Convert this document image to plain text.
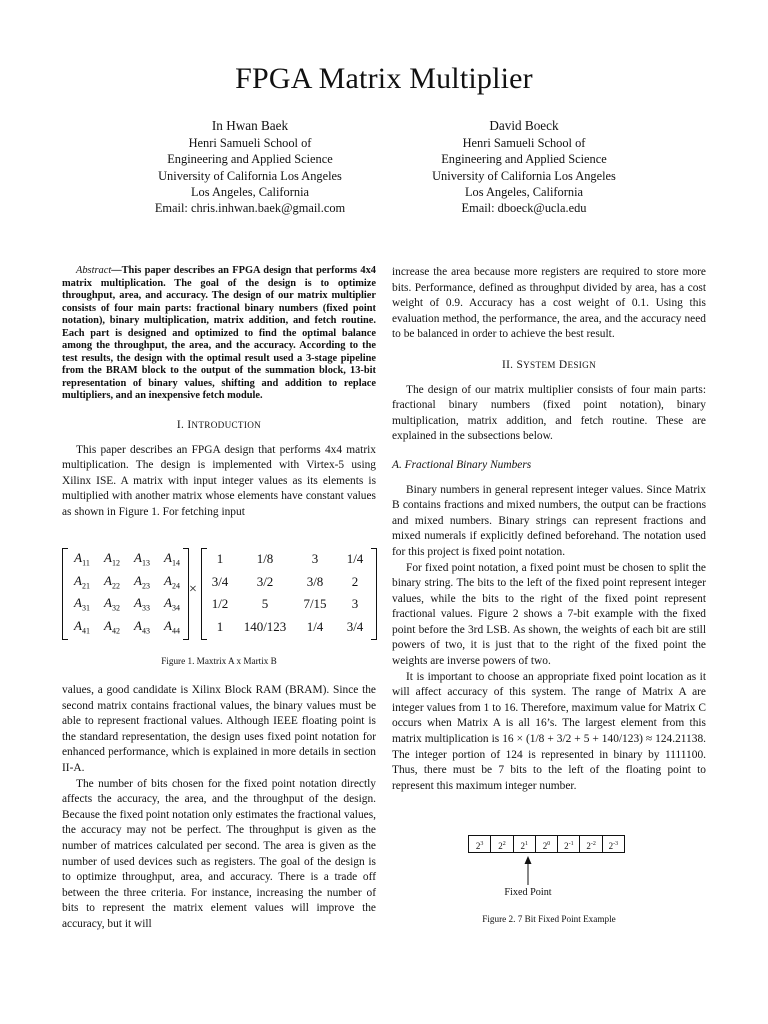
FPGA Matrix Multiplier
In Hwan Baek
Henri Samueli School of
Engineering and Applied Science
University of California Los Angeles
Los Angeles, California
Email: chris.inhwan.baek@gmail.com
David Boeck
Henri Samueli School of
Engineering and Applied Science
University of California Los Angeles
Los Angeles, California
Email: dboeck@ucla.edu
Abstract—This paper describes an FPGA design that performs 4x4 matrix multiplication. The goal of the design is to optimize throughput, area, and accuracy. The design of our matrix multiplier consists of four main parts: fractional binary numbers (fixed point notation), binary multiplication, matrix addition, and fetch routine. Each part is designed and optimized to find the optimal balance among the throughput, the area, and the accuracy. According to the test results, the design with the optimal result used a 3-stage pipeline from the BRAM block to the output of the summation block, 13-bit representation of binary values, shifting and addition to replace multipliers, and an inexpensive fetch module.
I. INTRODUCTION

This paper describes an FPGA design that performs 4x4 matrix multiplication. The design is implemented with Virtex-5 using Xilinx ISE. A matrix with input integer values as its elements is multiplied with another matrix whose elements have constant values as shown in Figure 1. For fetching input

$A_{11}$	$A_{12}$	$A_{13}$	$A_{14}$
$A_{21}$	$A_{22}$	$A_{23}$	$A_{24}$
$A_{31}$	$A_{32}$	$A_{33}$	$A_{34}$
$A_{41}$	$A_{42}$	$A_{43}$	$A_{44}$
×
1	1/8	3	1/4
3/4	3/2	3/8	2
1/2	5	7/15	3
1	140/123	1/4	3/4
Figure 1. Maxtrix A x Martix B

values, a good candidate is Xilinx Block RAM (BRAM). Since the second matrix contains fractional values, the binary values must be able to represent fractional values. Although IEEE floating point is the standard representation, the design uses fixed point notation for enhanced performance, which is explained in more details in section II-A.

The number of bits chosen for the fixed point notation directly affects the accuracy, the area, and the throughput of the design. Because the fixed point notation only estimates the fractional values, the accuracy may not be perfect. The throughput is given as the number of matrices calculated per second. The area is given as the number of used devices such as registers. The goal of the design is to optimize throughput, area, and accuracy. There is a trade off between the three criteria. For instance, increasing the number of bits to represent the matrix element values will improve the accuracy, but it will

increase the area because more registers are required to store more bits. Performance, defined as throughput divided by area, has a cost weight of 0.9. Accuracy has a cost weight of 0.1. Using this evaluation method, the performance, the area, and the accuracy need to be balanced in order to achieve the best result.

II. SYSTEM DESIGN

The design of our matrix multiplier consists of four main parts: fractional binary numbers (fixed point notation), binary multiplication, matrix addition, and fetch routine. These are explained in the subsections below.

A. Fractional Binary Numbers

Binary numbers in general represent integer values. Since Matrix B contains fractions and mixed numbers, the output can be fractions and mixed numbers. Binary strings can represent fractions and mixed numerals if explicitly defined beforehand. The notation used for this project is fixed point notation.

For fixed point notation, a fixed point must be chosen to split the binary string. The bits to the left of the fixed point represent integer values, while the bits to the right of the fixed point represent fractional values. Figure 2 shows a 7-bit example with the fixed point before the 3rd LSB. As shown, the weights of each bit are still powers of two, it is just that to the right of the fixed point the weights are inverse powers of two.

It is important to choose an appropriate fixed point location as it will affect accuracy of this system. The range of Matrix A are integer values from 1 to 16. Therefore, maximum value for Matrix C occurs when Matrix A is all 16’s. The largest element from this matrix multiplication is 16 × (1/8 + 3/2 + 5 + 140/123) ≈ 124.21138. The integer portion of 124 is represented in binary by 1111100. Thus, there must be 7 bits to the left of the floating point to represent this maximum integer number.

$2^3$	$2^2$	$2^1$	$2^0$	$2^{-1}$	$2^{-2}$	$2^{-3}$
Fixed Point
Figure 2. 7 Bit Fixed Point Example
